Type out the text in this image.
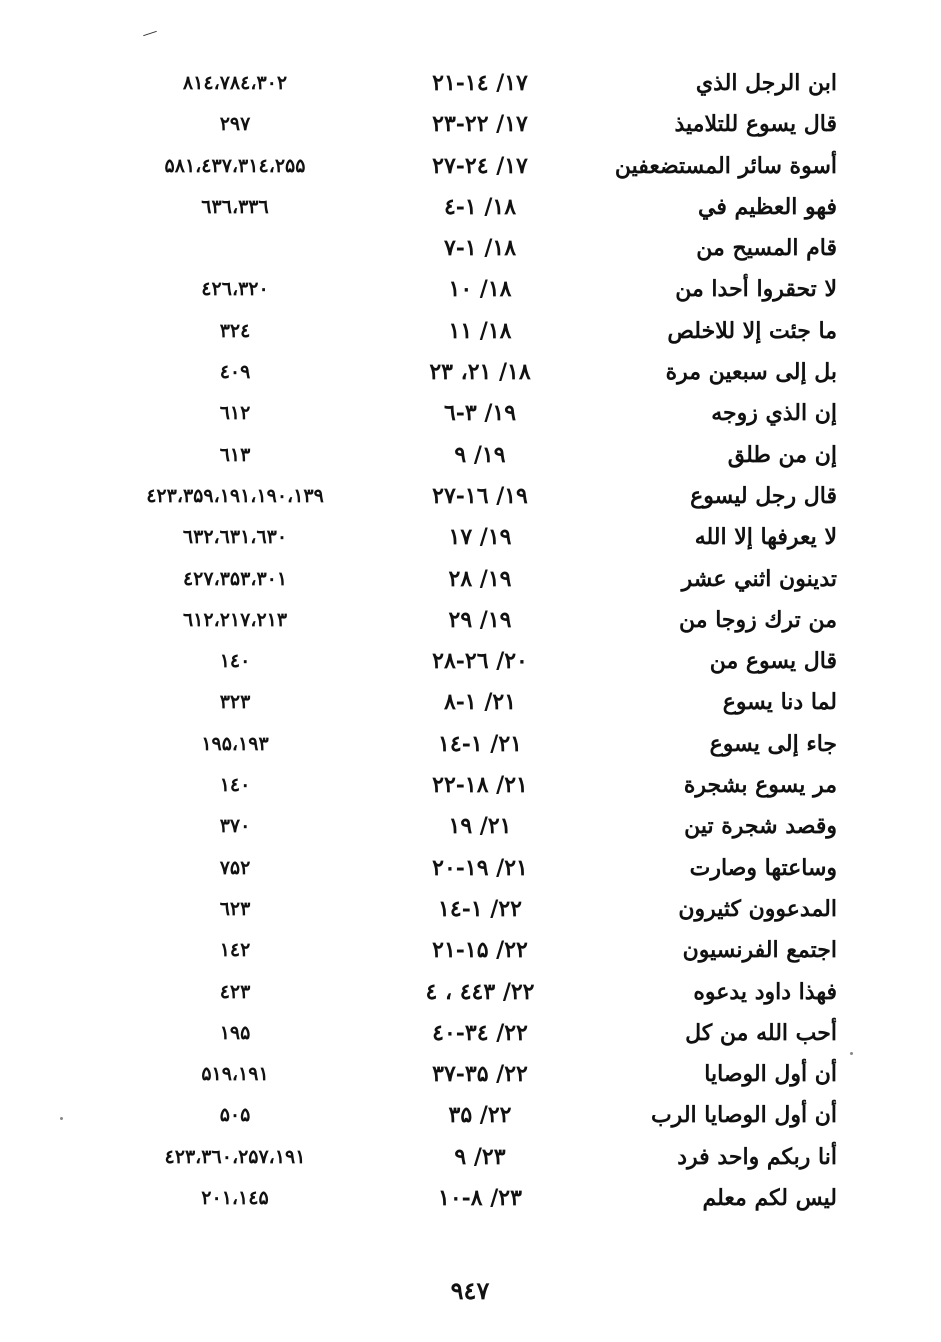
ابن الرجل الذي
۲۱-۱٤ /۱۷
۸۱٤،۷۸٤،۳۰۲
قال يسوع للتلاميذ
۲۳-۲۲ /۱۷
۲۹۷
أسوة سائر المستضعفين
۲۷-۲٤ /۱۷
۵۸۱،٤۳۷،۳۱٤،۲۵۵
فهو العظيم في
٤-۱ /۱۸
٦۳٦،۳۳٦
قام المسيح من
۷-۱ /۱۸
لا تحقروا أحدا من
۱۰ /۱۸
٤۲٦،۳۲۰
ما جئت إلا للاخلص
۱۱ /۱۸
۳۲٤
بل إلى سبعين مرة
۲۳ ،۲۱ /۱۸
٤۰۹
إن الذي زوجه
٦-۳ /۱۹
٦۱۲
إن من طلق
۹ /۱۹
٦۱۳
قال رجل ليسوع
۲۷-۱٦ /۱۹
٤۲۳،۳۵۹،۱۹۱،۱۹۰،۱۳۹
لا يعرفها إلا الله
۱۷ /۱۹
٦۳۲،٦۳۱،٦۳۰
تدينون اثني عشر
۲۸ /۱۹
٤۲۷،۳۵۳،۳۰۱
من ترك زوجا من
۲۹ /۱۹
٦۱۲،۲۱۷،۲۱۳
قال يسوع من
۲۸-۲٦ /۲۰
۱٤۰
لما دنا يسوع
۸-۱ /۲۱
۳۲۳
جاء إلى يسوع
۱٤-۱ /۲۱
۱۹۵،۱۹۳
مر يسوع بشجرة
۲۲-۱۸ /۲۱
۱٤۰
وقصد شجرة تين
۱۹ /۲۱
۳۷۰
وساعتها وصارت
۲۰-۱۹ /۲۱
۷۵۲
المدعوون كثيرون
۱٤-۱ /۲۲
٦۲۳
اجتمع الفرنسيون
۲۱-۱۵ /۲۲
۱٤۲
فهذا داود يدعوه
٤٤ ، ٤۳ /۲۲
٤۲۳
أحب الله من كل
٤۰-۳٤ /۲۲
۱۹۵
أن أول الوصايا
۳۷-۳۵ /۲۲
۵۱۹،۱۹۱
أن أول الوصايا الرب
۳۵ /۲۲
۵۰۵
أنا ربكم واحد فرد
۹ /۲۳
٤۲۳،۳٦۰،۲۵۷،۱۹۱
ليس لكم معلم
۱۰-۸ /۲۳
۲۰۱،۱٤۵
۹٤۷
